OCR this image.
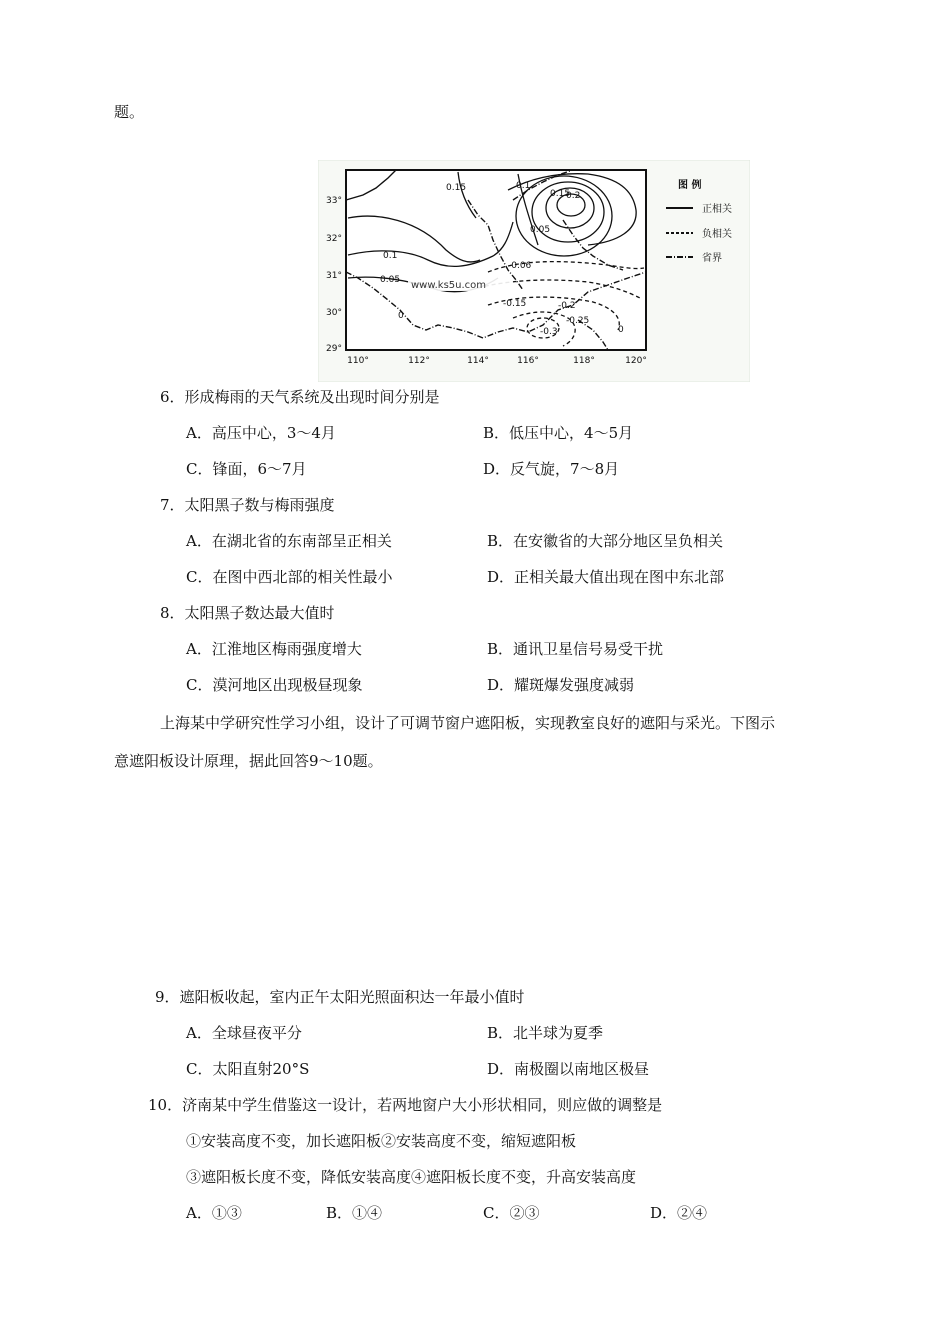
题。
0.15	0.1
0.1
0.05
0
-0.06
0.15
0.2
0.05
-0.15	-0.2
-0.3
-0.25
0
www.ks5u.com
33°
32°
31°
30°
29°
110°	112°	114°	116°	118°	120°
图 例
正相关
负相关
省界
6．形成梅雨的天气系统及出现时间分别是
A．高压中心，3～4月	B．低压中心，4～5月
C．锋面，6～7月	D．反气旋，7～8月
7．太阳黑子数与梅雨强度
A．在湖北省的东南部呈正相关	B．在安徽省的大部分地区呈负相关
C．在图中西北部的相关性最小	D．正相关最大值出现在图中东北部
8．太阳黑子数达最大值时
A．江淮地区梅雨强度增大	B．通讯卫星信号易受干扰
C．漠河地区出现极昼现象	D．耀斑爆发强度减弱
上海某中学研究性学习小组，设计了可调节窗户遮阳板，实现教室良好的遮阳与采光。下图示
意遮阳板设计原理，据此回答9～10题。
9．遮阳板收起，室内正午太阳光照面积达一年最小值时
A．全球昼夜平分	B．北半球为夏季
C．太阳直射20°S	D．南极圈以南地区极昼
10．济南某中学生借鉴这一设计，若两地窗户大小形状相同，则应做的调整是
①安装高度不变，加长遮阳板②安装高度不变，缩短遮阳板
③遮阳板长度不变，降低安装高度④遮阳板长度不变，升高安装高度
A．①③	B．①④	C．②③	D．②④
